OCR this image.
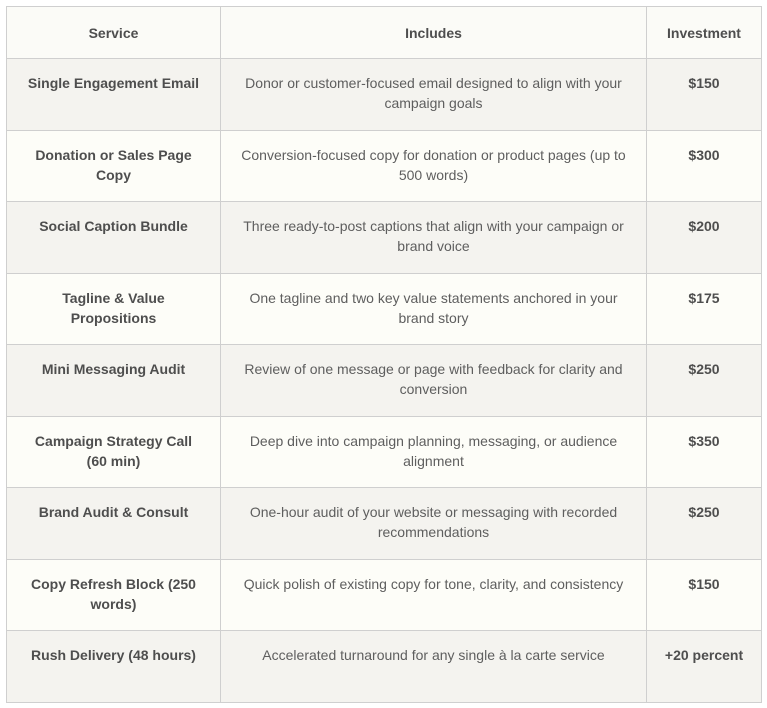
Service	Includes	Investment
Single Engagement Email	Donor or customer-focused email designed to align with your campaign goals	$150
Donation or Sales Page Copy	Conversion-focused copy for donation or product pages (up to 500 words)	$300
Social Caption Bundle	Three ready-to-post captions that align with your campaign or brand voice	$200
Tagline & Value Propositions	One tagline and two key value statements anchored in your brand story	$175
Mini Messaging Audit	Review of one message or page with feedback for clarity and conversion	$250
Campaign Strategy Call (60 min)	Deep dive into campaign planning, messaging, or audience alignment	$350
Brand Audit & Consult	One-hour audit of your website or messaging with recorded recommendations	$250
Copy Refresh Block (250 words)	Quick polish of existing copy for tone, clarity, and consistency	$150
Rush Delivery (48 hours)	Accelerated turnaround for any single à la carte service	+20 percent
